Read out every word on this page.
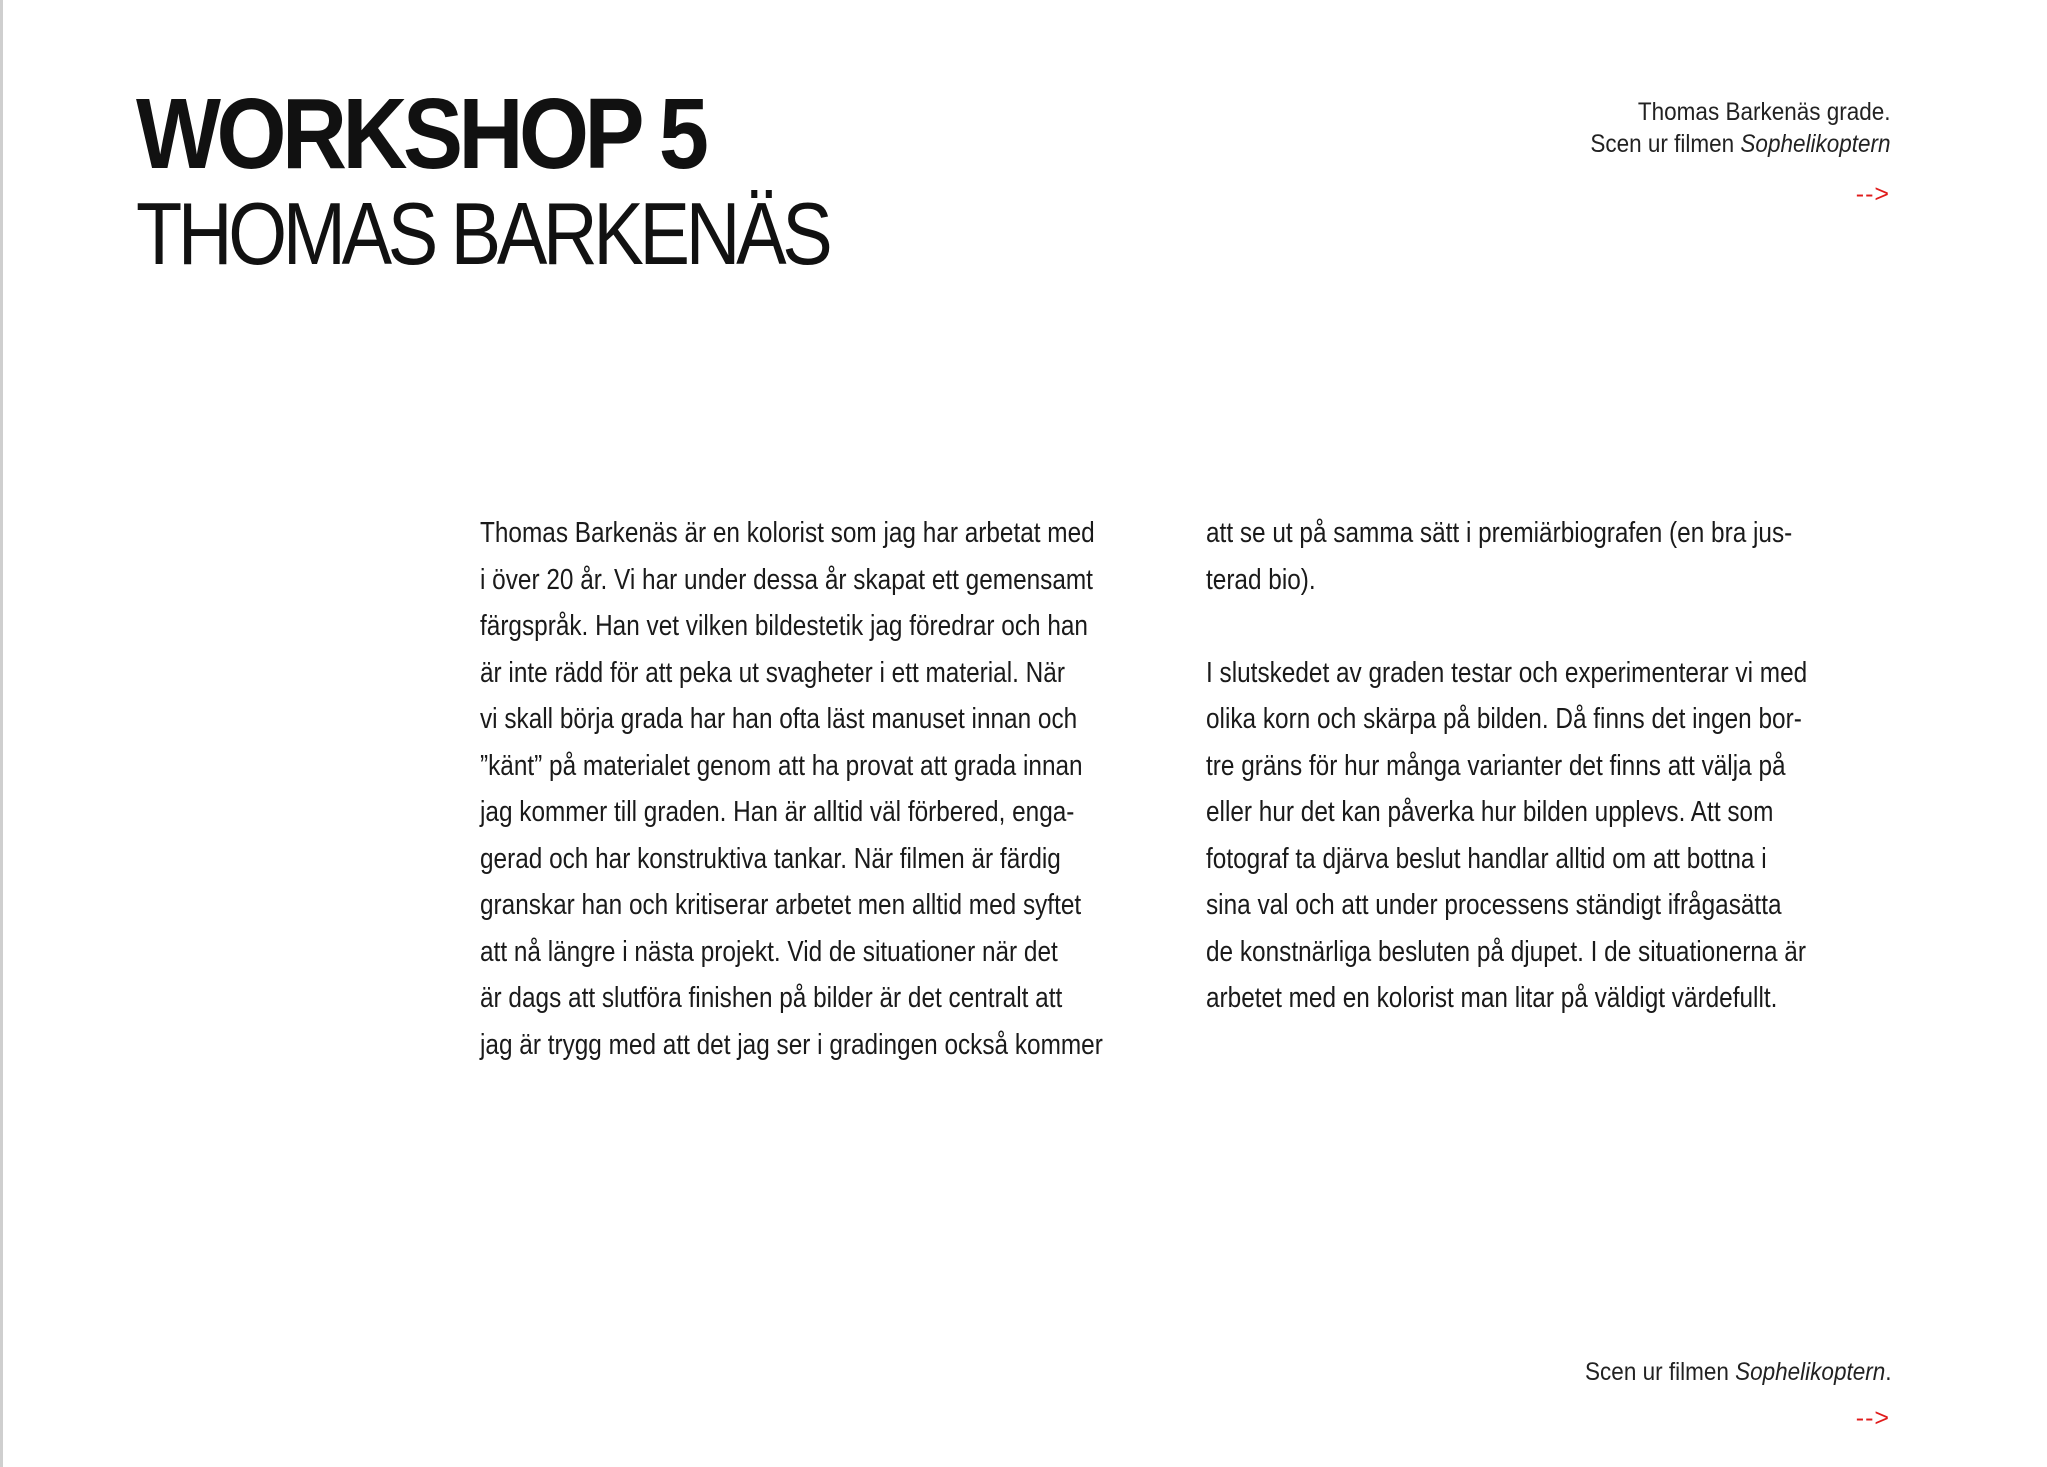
WORKSHOP 5
THOMAS BARKENÄS
Thomas Barkenäs grade.
Scen ur filmen Sophelikoptern
-->
Thomas Barkenäs är en kolorist som jag har arbetat med
i över 20 år. Vi har under dessa år skapat ett gemensamt
färgspråk. Han vet vilken bildestetik jag föredrar och han
är inte rädd för att peka ut svagheter i ett material. När
vi skall börja grada har han ofta läst manuset innan och
”känt” på materialet genom att ha provat att grada innan
jag kommer till graden. Han är alltid väl förbered, enga-
gerad och har konstruktiva tankar. När filmen är färdig
granskar han och kritiserar arbetet men alltid med syftet
att nå längre i nästa projekt. Vid de situationer när det
är dags att slutföra finishen på bilder är det centralt att
jag är trygg med att det jag ser i gradingen också kommer
att se ut på samma sätt i premiärbiografen (en bra jus-
terad bio).
I slutskedet av graden testar och experimenterar vi med
olika korn och skärpa på bilden. Då finns det ingen bor-
tre gräns för hur många varianter det finns att välja på
eller hur det kan påverka hur bilden upplevs. Att som
fotograf ta djärva beslut handlar alltid om att bottna i
sina val och att under processens ständigt ifrågasätta
de konstnärliga besluten på djupet. I de situationerna är
arbetet med en kolorist man litar på väldigt värdefullt.
Scen ur filmen Sophelikoptern.
-->
